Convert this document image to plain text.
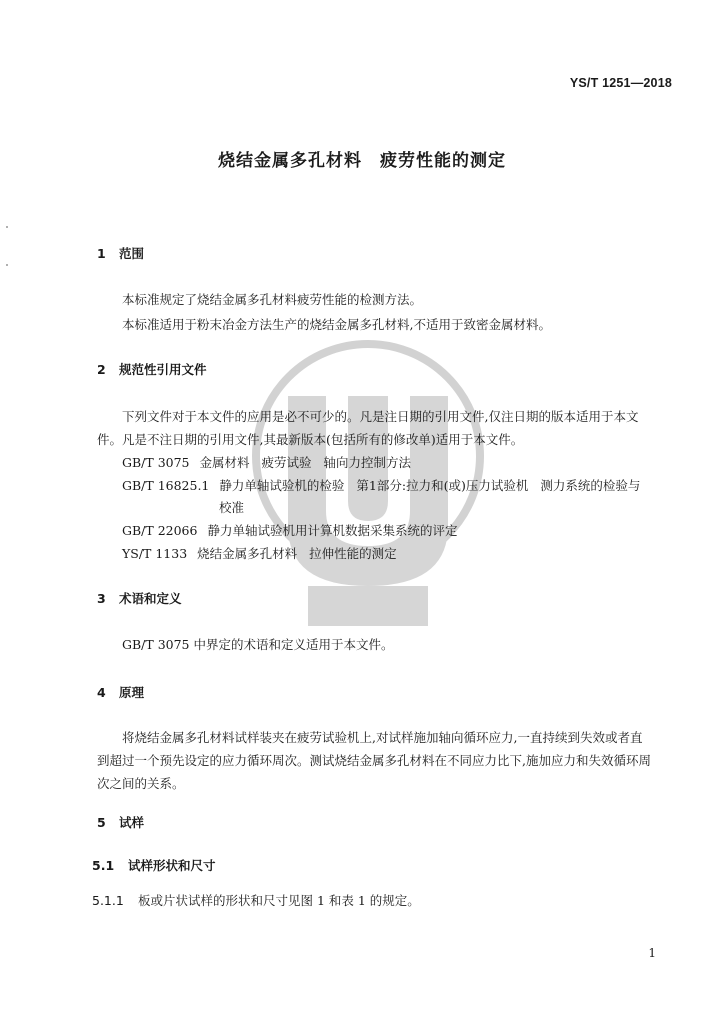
YS/T 1251—2018
烧结金属多孔材料 疲劳性能的测定
1 范围
本标准规定了烧结金属多孔材料疲劳性能的检测方法。
本标准适用于粉末冶金方法生产的烧结金属多孔材料,不适用于致密金属材料。
2 规范性引用文件
下列文件对于本文件的应用是必不可少的。凡是注日期的引用文件,仅注日期的版本适用于本文
件。凡是不注日期的引用文件,其最新版本(包括所有的修改单)适用于本文件。
GB/T 3075 金属材料 疲劳试验 轴向力控制方法
GB/T 16825.1 静力单轴试验机的检验 第1部分:拉力和(或)压力试验机 测力系统的检验与
校准
GB/T 22066 静力单轴试验机用计算机数据采集系统的评定
YS/T 1133 烧结金属多孔材料 拉伸性能的测定
3 术语和定义
GB/T 3075 中界定的术语和定义适用于本文件。
4 原理
将烧结金属多孔材料试样装夹在疲劳试验机上,对试样施加轴向循环应力,一直持续到失效或者直
到超过一个预先设定的应力循环周次。测试烧结金属多孔材料在不同应力比下,施加应力和失效循环周
次之间的关系。
5 试样
5.1 试样形状和尺寸
5.1.1 板或片状试样的形状和尺寸见图 1 和表 1 的规定。
1
